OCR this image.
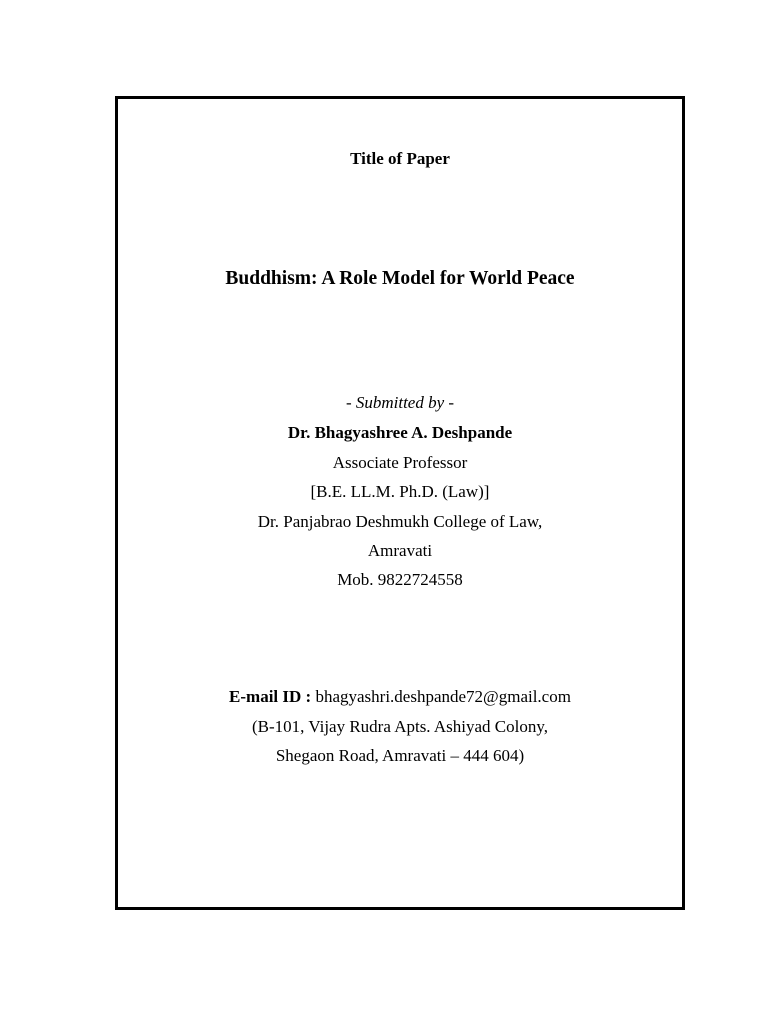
Title of Paper
Buddhism: A Role Model for World Peace
- Submitted by -
Dr. Bhagyashree A. Deshpande
Associate Professor
[B.E. LL.M. Ph.D. (Law)]
Dr. Panjabrao Deshmukh College of Law,
Amravati
Mob. 9822724558
E-mail ID : bhagyashri.deshpande72@gmail.com
(B-101, Vijay Rudra Apts. Ashiyad Colony,
Shegaon Road, Amravati – 444 604)
